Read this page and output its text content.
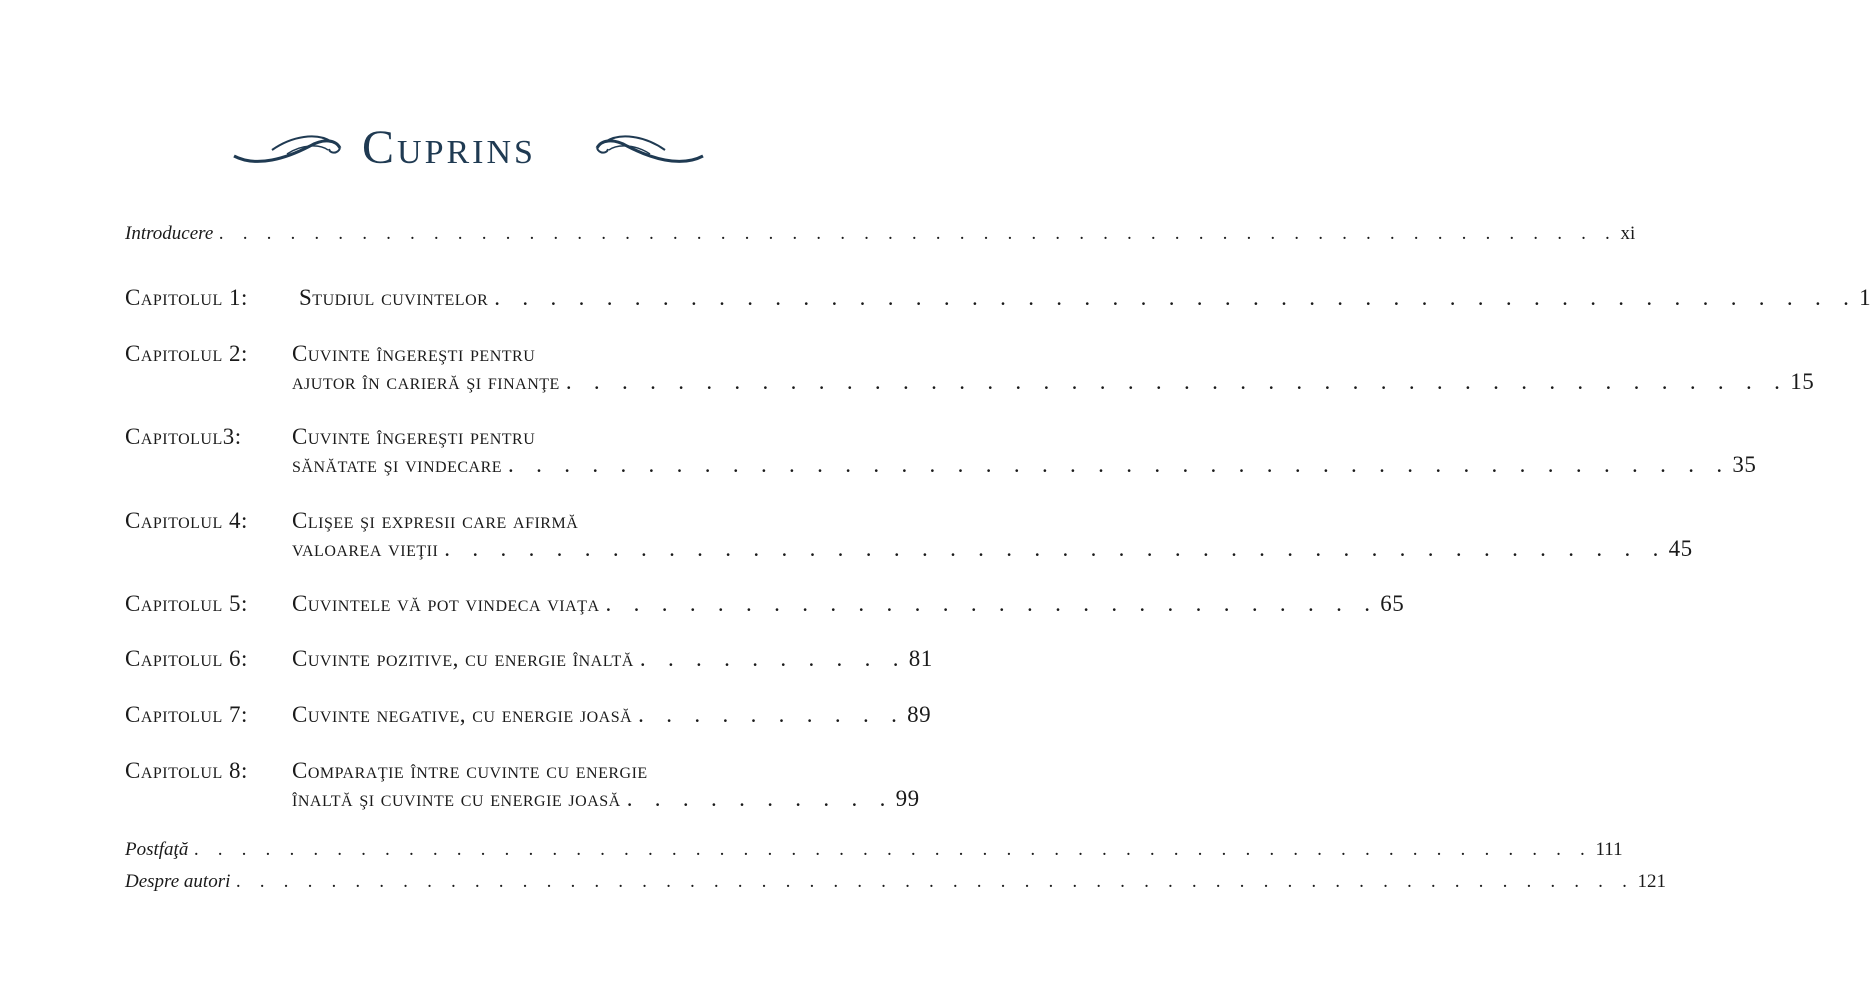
Cuprins
Introducere . . . . . . . . . . . . . . . . . . . . . . . . . . . . . . . . . . . . . . . . . . . . . . . . . . . . . . . . . . . xi
Capitolul 1: Studiul cuvintelor . . . . . . . . . . . . . . . . . . . . . . . . . . . . . . . . . . . . . . . . . . . . . . . . . 1
Capitolul 2: Cuvinte îngereşti pentru
ajutor în carieră şi finanţe . . . . . . . . . . . . . . . . . . . . . . . . . . . . . . . . . . . . . . . . . . . . 15
Capitolul3: Cuvinte îngereşti pentru
sănătate şi vindecare . . . . . . . . . . . . . . . . . . . . . . . . . . . . . . . . . . . . . . . . . . . . 35
Capitolul 4: Clişee şi expresii care afirmă
valoarea vieţii . . . . . . . . . . . . . . . . . . . . . . . . . . . . . . . . . . . . . . . . . . . . 45
Capitolul 5: Cuvintele vă pot vindeca viaţa . . . . . . . . . . . . . . . . . . . . . . . . . . . . 65
Capitolul 6: Cuvinte pozitive, cu energie înaltă . . . . . . . . . . 81
Capitolul 7: Cuvinte negative, cu energie joasă . . . . . . . . . . 89
Capitolul 8: Comparaţie între cuvinte cu energie
înaltă şi cuvinte cu energie joasă . . . . . . . . . . 99
Postfaţă . . . . . . . . . . . . . . . . . . . . . . . . . . . . . . . . . . . . . . . . . . . . . . . . . . . . . . . . . . . 111
Despre autori . . . . . . . . . . . . . . . . . . . . . . . . . . . . . . . . . . . . . . . . . . . . . . . . . . . . . . . . . . . 121
